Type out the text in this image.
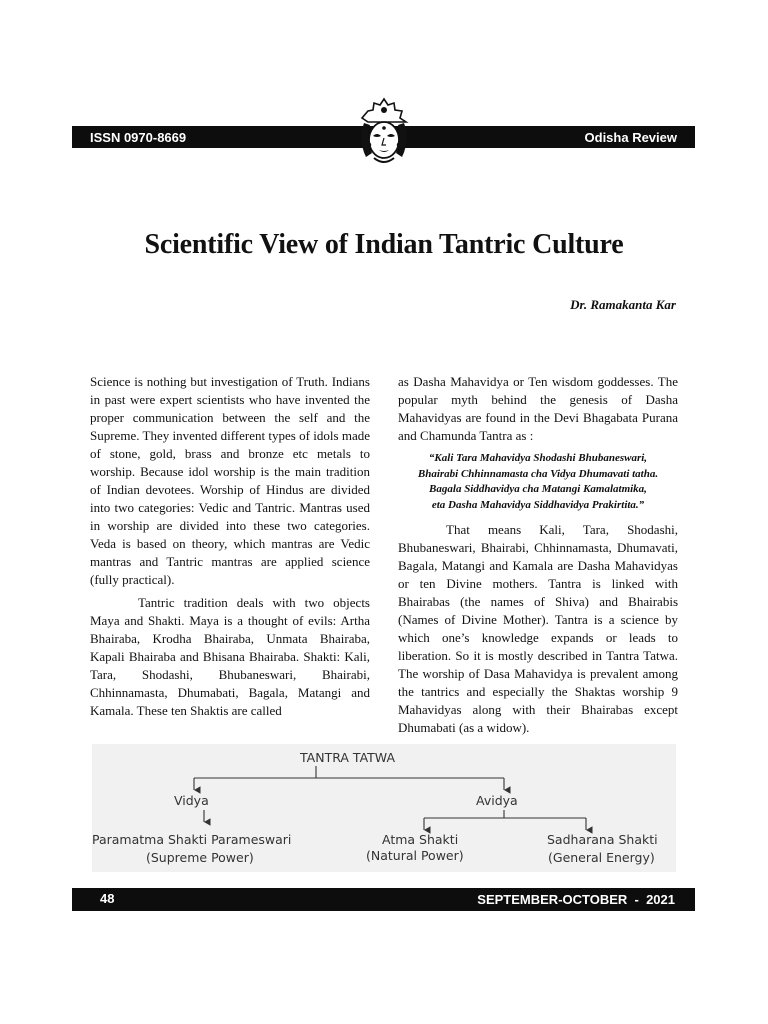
ISSN 0970-8669	Odisha Review
Scientific View of Indian Tantric Culture
Dr. Ramakanta Kar

Science is nothing but investigation of Truth. Indians in past were expert scientists who have invented the proper communication between the self and the Supreme. They invented different types of idols made of stone, gold, brass and bronze etc metals to worship. Because idol worship is the main tradition of Indian devotees. Worship of Hindus are divided into two categories: Vedic and Tantric. Mantras used in worship are divided into these two categories. Veda is based on theory, which mantras are Vedic mantras and Tantric mantras are applied science (fully practical).

Tantric tradition deals with two objects Maya and Shakti. Maya is a thought of evils: Artha Bhairaba, Krodha Bhairaba, Unmata Bhairaba, Kapali Bhairaba and Bhisana Bhairaba. Shakti: Kali, Tara, Shodashi, Bhubaneswari, Bhairabi, Chhinnamasta, Dhumabati, Bagala, Matangi and Kamala. These ten Shaktis are called

as Dasha Mahavidya or Ten wisdom goddesses. The popular myth behind the genesis of Dasha Mahavidyas are found in the Devi Bhagabata Purana and Chamunda Tantra as :

“Kali Tara Mahavidya Shodashi Bhubaneswari,
Bhairabi Chhinnamasta cha Vidya Dhumavati tatha.
Bagala Siddhavidya cha Matangi Kamalatmika,
eta Dasha Mahavidya Siddhavidya Prakirtita.”

That means Kali, Tara, Shodashi, Bhubaneswari, Bhairabi, Chhinnamasta, Dhumavati, Bagala, Matangi and Kamala are Dasha Mahavidyas or ten Divine mothers. Tantra is linked with Bhairabas (the names of Shiva) and Bhairabis (Names of Divine Mother). Tantra is a science by which one’s knowledge expands or leads to liberation. So it is mostly described in Tantra Tatwa. The worship of Dasa Mahavidya is prevalent among the tantrics and especially the Shaktas worship 9 Mahavidyas along with their Bhairabas except Dhumabati (as a widow).

TANTRA TATWA
Vidya	Avidya
Paramatma Shakti Parameswari
(Supreme Power)
Atma Shakti
(Natural Power)
Sadharana Shakti
(General Energy)
48	SEPTEMBER-OCTOBER  -  2021
